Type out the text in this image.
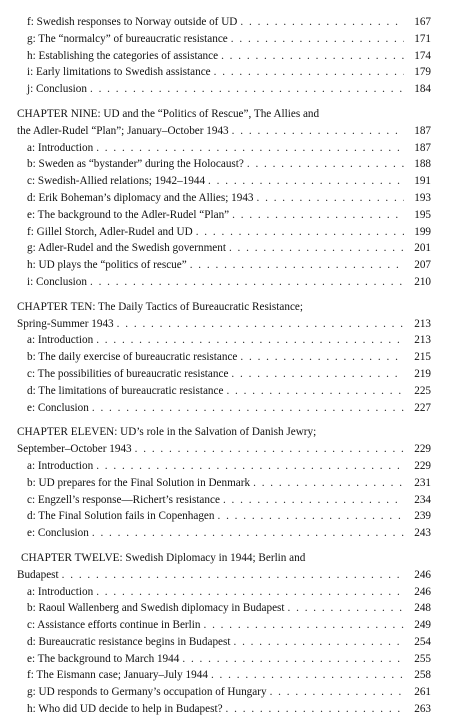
f: Swedish responses to Norway outside of UD . . .	167
g: The “normalcy” of bureaucratic resistance . . .	171
h: Establishing the categories of assistance . . .	174
i: Early limitations to Swedish assistance . . .	179
j: Conclusion . . .	184
CHAPTER NINE: UD and the “Politics of Rescue”, The Allies and
the Adler-Rudel “Plan”; January–October 1943 . . .	187
a: Introduction . . .	187
b: Sweden as “bystander” during the Holocaust? . . .	188
c: Swedish-Allied relations; 1942–1944 . . .	191
d: Erik Boheman’s diplomacy and the Allies; 1943 . . .	193
e: The background to the Adler-Rudel “Plan” . . .	195
f: Gillel Storch, Adler-Rudel and UD . . .	199
g: Adler-Rudel and the Swedish government . . .	201
h: UD plays the “politics of rescue” . . .	207
i: Conclusion . . .	210
CHAPTER TEN: The Daily Tactics of Bureaucratic Resistance;
Spring-Summer 1943 . . .	213
a: Introduction . . .	213
b: The daily exercise of bureaucratic resistance . . .	215
c: The possibilities of bureaucratic resistance . . .	219
d: The limitations of bureaucratic resistance . . .	225
e: Conclusion . . .	227
CHAPTER ELEVEN: UD’s role in the Salvation of Danish Jewry;
September–October 1943 . . .	229
a: Introduction . . .	229
b: UD prepares for the Final Solution in Denmark . . .	231
c: Engzell’s response—Richert’s resistance . . .	234
d: The Final Solution fails in Copenhagen . . .	239
e: Conclusion . . .	243
CHAPTER TWELVE: Swedish Diplomacy in 1944; Berlin and
Budapest . . .	246
a: Introduction . . .	246
b: Raoul Wallenberg and Swedish diplomacy in Budapest . . .	248
c: Assistance efforts continue in Berlin . . .	249
d: Bureaucratic resistance begins in Budapest . . .	254
e: The background to March 1944 . . .	255
f: The Eismann case; January–July 1944 . . .	258
g: UD responds to Germany’s occupation of Hungary . . .	261
h: Who did UD decide to help in Budapest? . . .	263
